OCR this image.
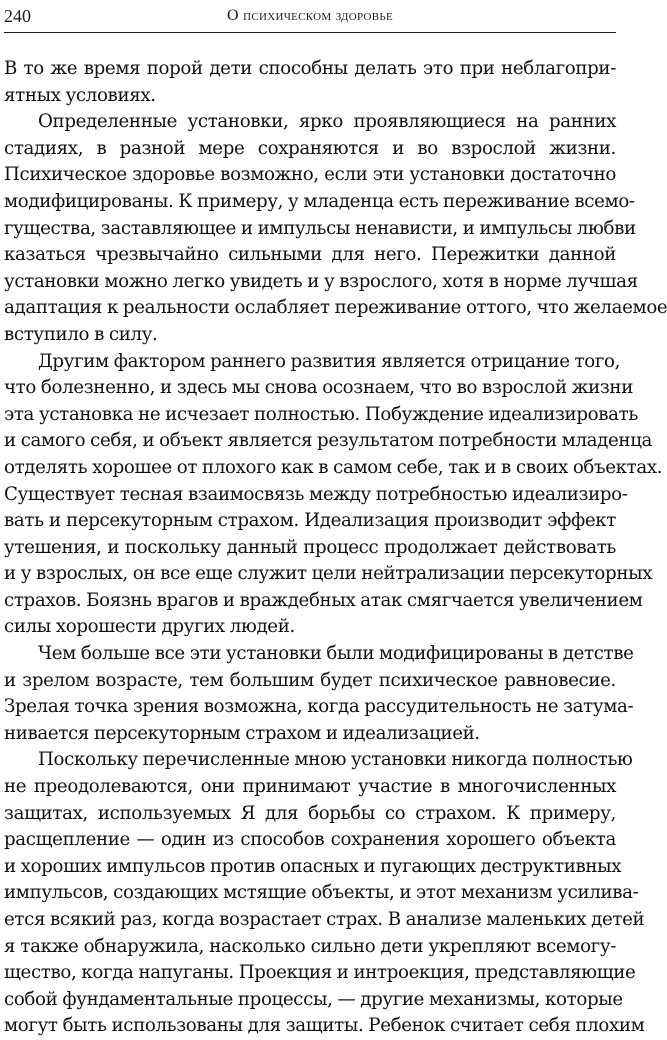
240	О психическом здоровье

В то же время порой дети способны делать это при неблагопри-
ятных условиях.

Определенные установки, ярко проявляющиеся на ранних
стадиях, в разной мере сохраняются и во взрослой жизни.
Психическое здоровье возможно, если эти установки достаточно
модифицированы. К примеру, у младенца есть переживание всемо-
гущества, заставляющее и импульсы ненависти, и импульсы любви
казаться чрезвычайно сильными для него. Пережитки данной
установки можно легко увидеть и у взрослого, хотя в норме лучшая
адаптация к реальности ослабляет переживание оттого, что желаемое
вступило в силу.

Другим фактором раннего развития является отрицание того,
что болезненно, и здесь мы снова осознаем, что во взрослой жизни
эта установка не исчезает полностью. Побуждение идеализировать
и самого себя, и объект является результатом потребности младенца
отделять хорошее от плохого как в самом себе, так и в своих объектах.
Существует тесная взаимосвязь между потребностью идеализиро-
вать и персекуторным страхом. Идеализация производит эффект
утешения, и поскольку данный процесс продолжает действовать
и у взрослых, он все еще служит цели нейтрализации персекуторных
страхов. Боязнь врагов и враждебных атак смягчается увеличением
силы хорошести других людей.

Чем больше все эти установки были модифицированы в детстве
и зрелом возрасте, тем большим будет психическое равновесие.
Зрелая точка зрения возможна, когда рассудительность не затума-
нивается персекуторным страхом и идеализацией.

Поскольку перечисленные мною установки никогда полностью
не преодолеваются, они принимают участие в многочисленных
защитах, используемых Я для борьбы со страхом. К примеру,
расщепление — один из способов сохранения хорошего объекта
и хороших импульсов против опасных и пугающих деструктивных
импульсов, создающих мстящие объекты, и этот механизм усилива-
ется всякий раз, когда возрастает страх. В анализе маленьких детей
я также обнаружила, насколько сильно дети укрепляют всемогу-
щество, когда напуганы. Проекция и интроекция, представляющие
собой фундаментальные процессы, — другие механизмы, которые
могут быть использованы для защиты. Ребенок считает себя плохим
